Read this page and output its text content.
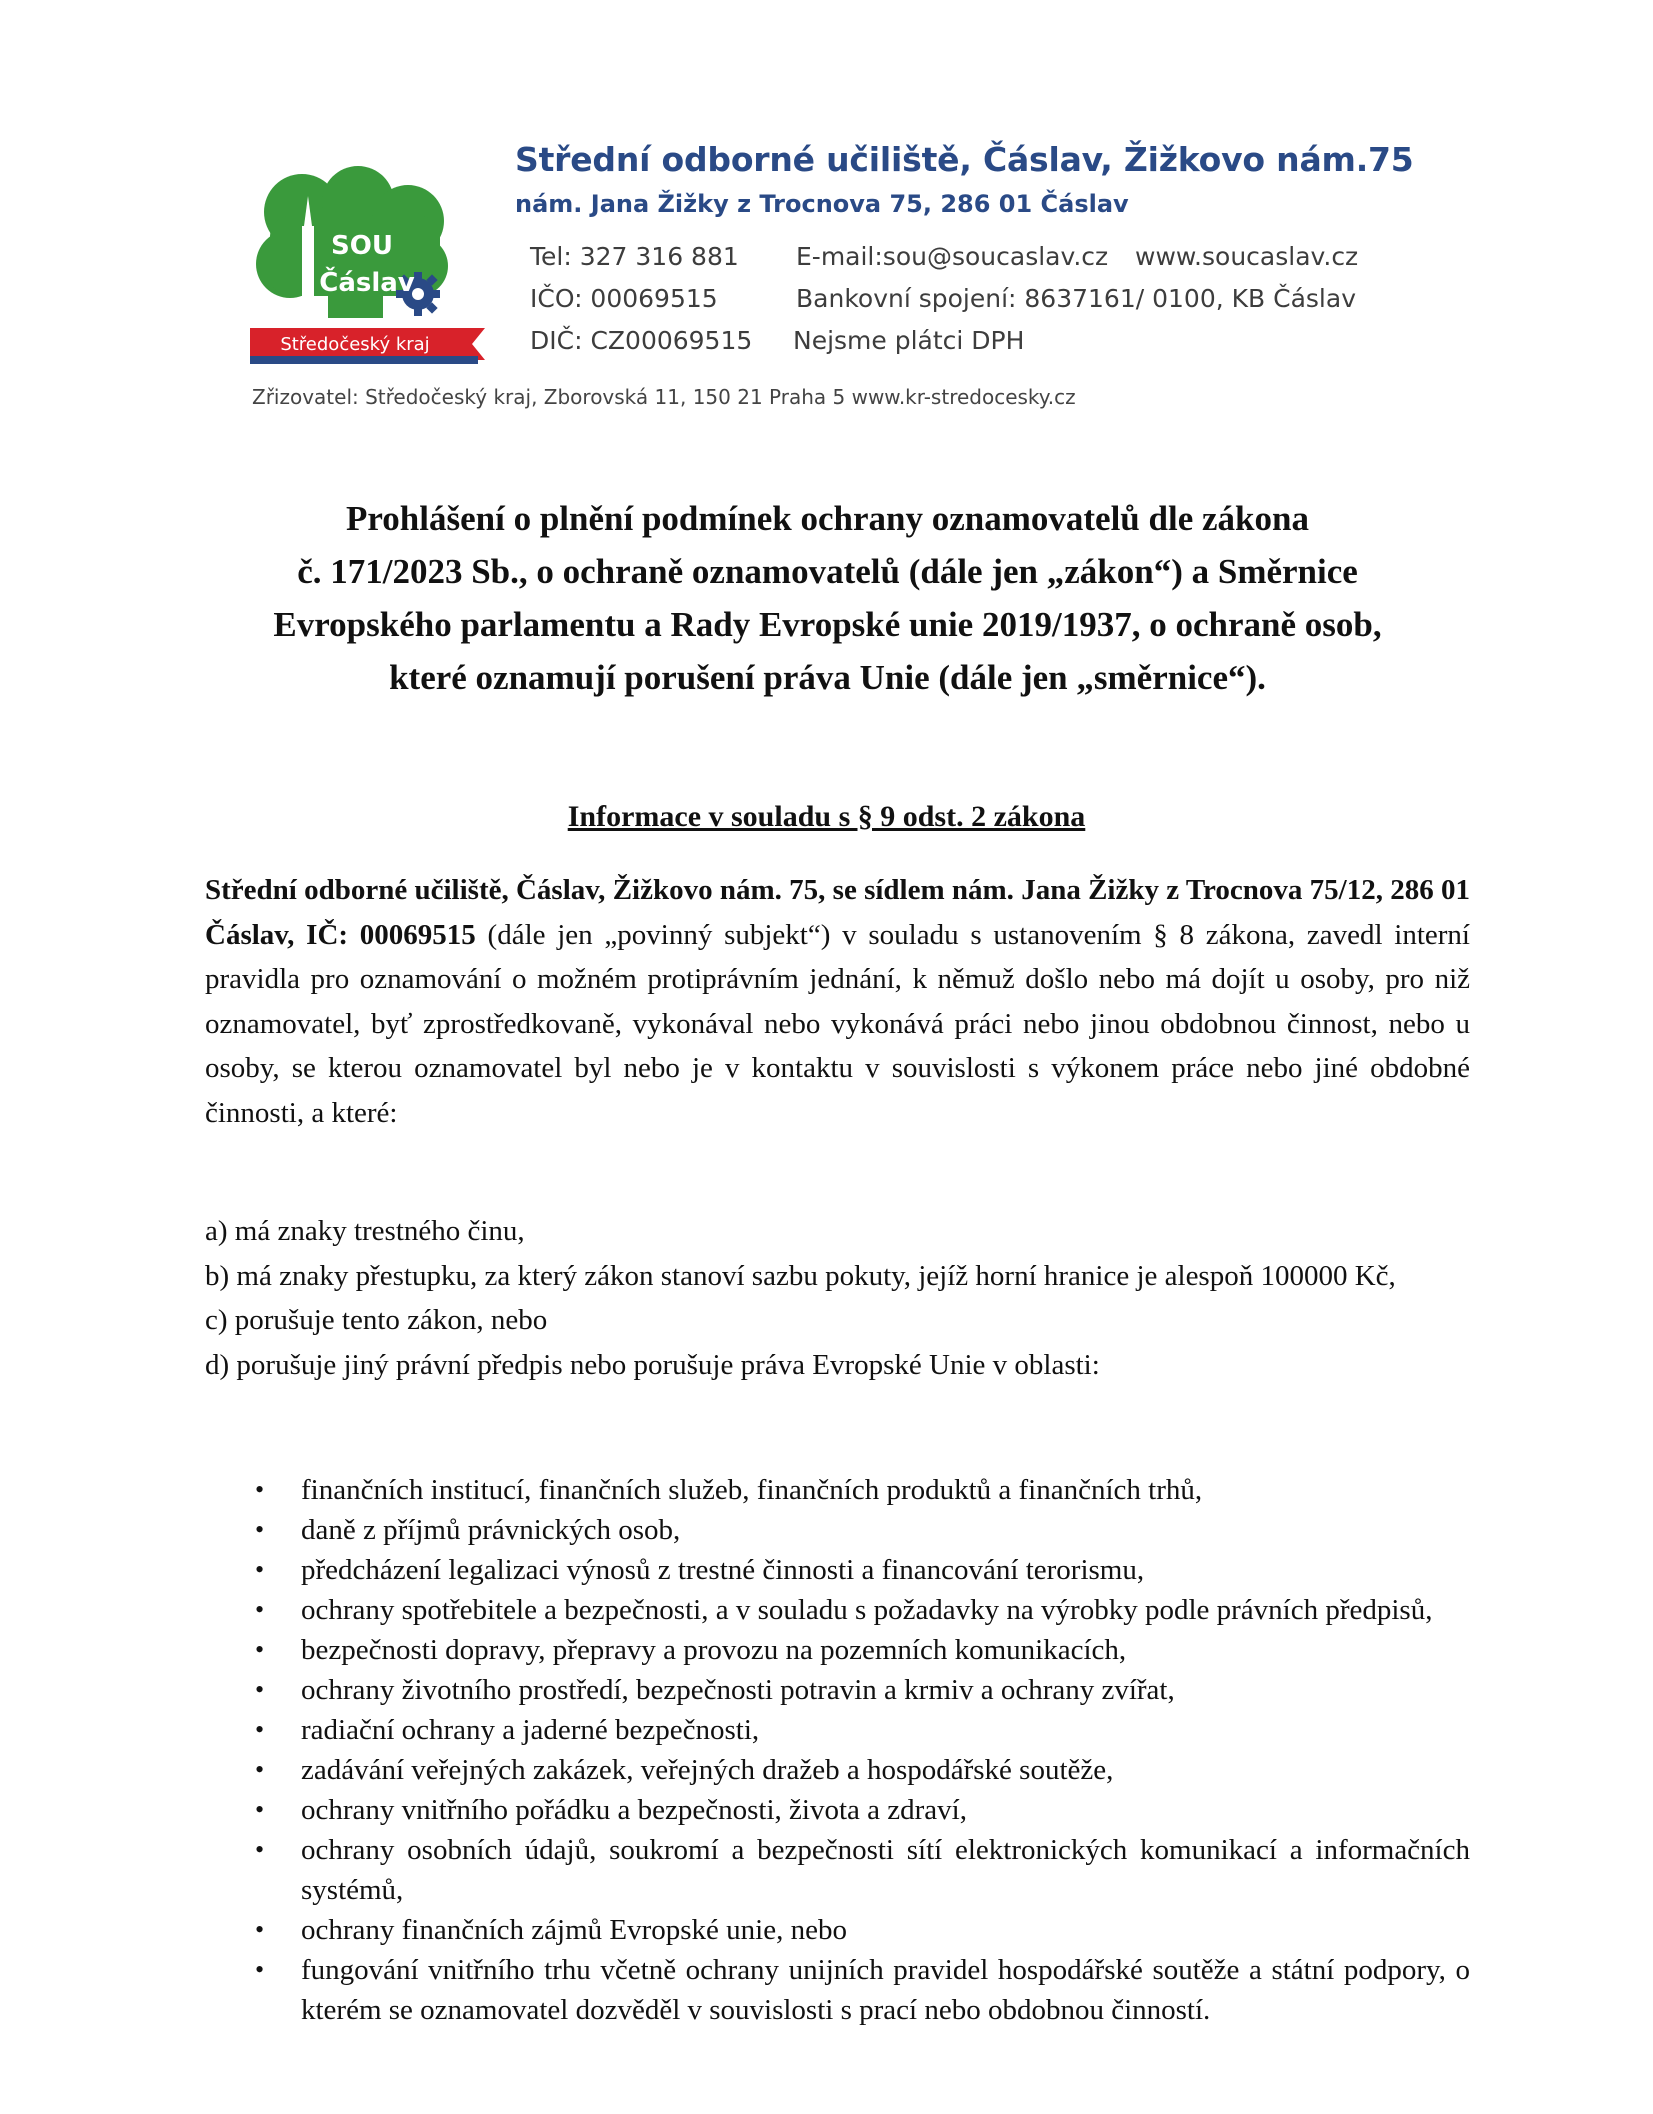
SOU
Čáslav
Středočeský kraj
Střední odborné učiliště, Čáslav, Žižkovo nám.75
nám. Jana Žižky z Trocnova 75, 286 01 Čáslav
Tel: 327 316 881 E-mail:sou@soucaslav.cz www.soucaslav.cz
IČO: 00069515	Bankovní spojení: 8637161/ 0100, KB Čáslav
DIČ: CZ00069515 Nejsme plátci DPH
Zřizovatel: Středočeský kraj, Zborovská 11, 150 21 Praha 5 www.kr-stredocesky.cz
Prohlášení o plnění podmínek ochrany oznamovatelů dle zákona
č. 171/2023 Sb., o ochraně oznamovatelů (dále jen „zákon“) a Směrnice
Evropského parlamentu a Rady Evropské unie 2019/1937, o ochraně osob,
které oznamují porušení práva Unie (dále jen „směrnice“).
Informace v souladu s § 9 odst. 2 zákona

Střední odborné učiliště, Čáslav, Žižkovo nám. 75, se sídlem nám. Jana Žižky z Trocnova 75/12, 286 01 Čáslav, IČ: 00069515 (dále jen „povinný subjekt“) v souladu s ustanovením § 8 zákona, zavedl interní pravidla pro oznamování o možném protiprávním jednání, k němuž došlo nebo má dojít u osoby, pro niž oznamovatel, byť zprostředkovaně, vykonával nebo vykonává práci nebo jinou obdobnou činnost, nebo u osoby, se kterou oznamovatel byl nebo je v kontaktu v souvislosti s výkonem práce nebo jiné obdobné činnosti, a které:

a) má znaky trestného činu,
b) má znaky přestupku, za který zákon stanoví sazbu pokuty, jejíž horní hranice je alespoň 100000 Kč,
c) porušuje tento zákon, nebo
d) porušuje jiný právní předpis nebo porušuje práva Evropské Unie v oblasti:
• finančních institucí, finančních služeb, finančních produktů a finančních trhů,
• daně z příjmů právnických osob,
• předcházení legalizaci výnosů z trestné činnosti a financování terorismu,
• ochrany spotřebitele a bezpečnosti, a v souladu s požadavky na výrobky podle právních předpisů,
• bezpečnosti dopravy, přepravy a provozu na pozemních komunikacích,
• ochrany životního prostředí, bezpečnosti potravin a krmiv a ochrany zvířat,
• radiační ochrany a jaderné bezpečnosti,
• zadávání veřejných zakázek, veřejných dražeb a hospodářské soutěže,
• ochrany vnitřního pořádku a bezpečnosti, života a zdraví,
• ochrany osobních údajů, soukromí a bezpečnosti sítí elektronických komunikací a informačních systémů,
• ochrany finančních zájmů Evropské unie, nebo
• fungování vnitřního trhu včetně ochrany unijních pravidel hospodářské soutěže a státní podpory, o kterém se oznamovatel dozvěděl v souvislosti s prací nebo obdobnou činností.
